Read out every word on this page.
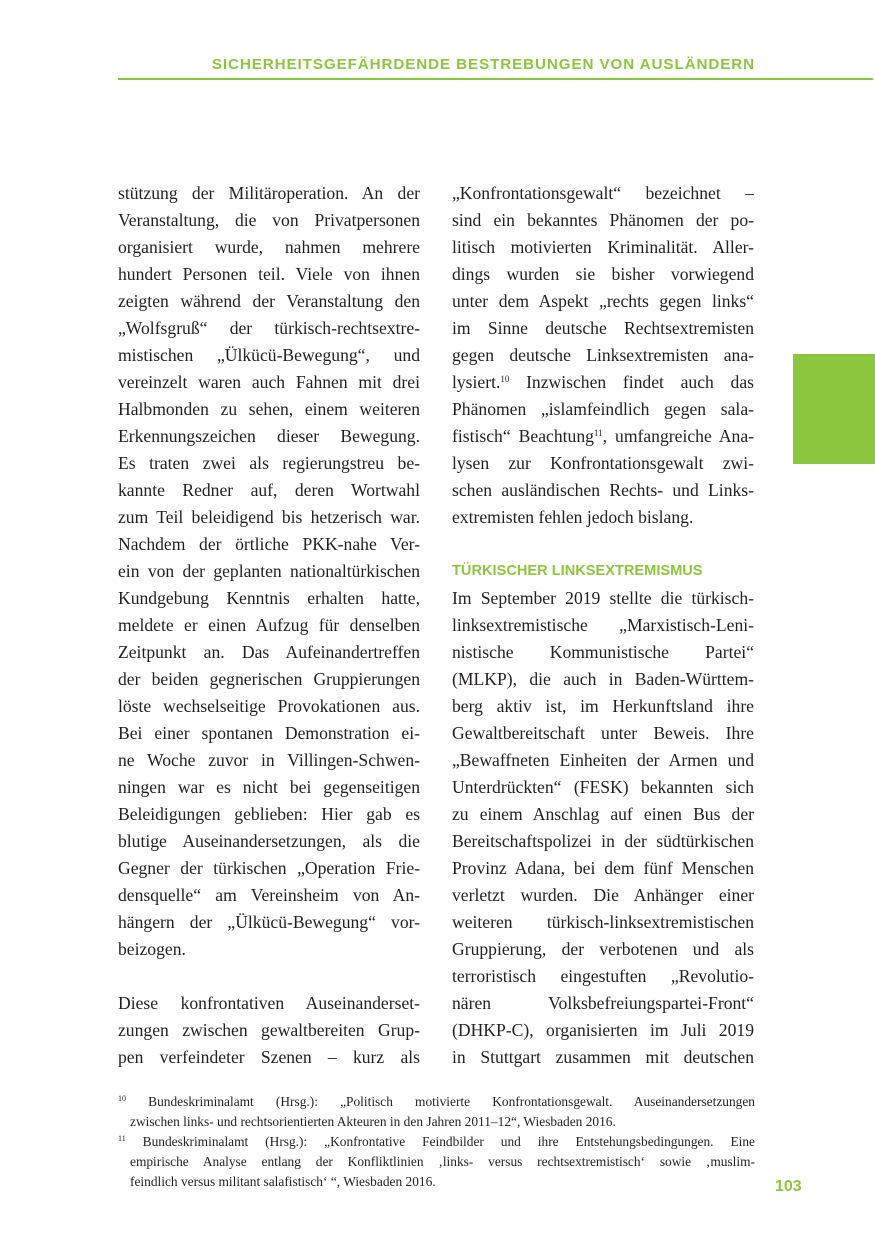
SICHERHEITSGEFÄHRDENDE BESTREBUNGEN VON AUSLÄNDERN
stützung der Militäroperation. An der
Veranstaltung, die von Privatpersonen
organisiert wurde, nahmen mehrere
hundert Personen teil. Viele von ihnen
zeigten während der Veranstaltung den
„Wolfsgruß“ der türkisch-rechtsextre-
mistischen „Ülkücü-Bewegung“, und
vereinzelt waren auch Fahnen mit drei
Halbmonden zu sehen, einem weiteren
Erkennungszeichen dieser Bewegung.
Es traten zwei als regierungstreu be-
kannte Redner auf, deren Wortwahl
zum Teil beleidigend bis hetzerisch war.
Nachdem der örtliche PKK-nahe Ver-
ein von der geplanten nationaltürkischen
Kundgebung Kenntnis erhalten hatte,
meldete er einen Aufzug für denselben
Zeitpunkt an. Das Aufeinandertreffen
der beiden gegnerischen Gruppierungen
löste wechselseitige Provokationen aus.
Bei einer spontanen Demonstration ei-
ne Woche zuvor in Villingen-Schwen-
ningen war es nicht bei gegenseitigen
Beleidigungen geblieben: Hier gab es
blutige Auseinandersetzungen, als die
Gegner der türkischen „Operation Frie-
densquelle“ am Vereinsheim von An-
hängern der „Ülkücü-Bewegung“ vor-
beizogen.
Diese konfrontativen Auseinanderset-
zungen zwischen gewaltbereiten Grup-
pen verfeindeter Szenen – kurz als
„Konfrontationsgewalt“ bezeichnet –
sind ein bekanntes Phänomen der po-
litisch motivierten Kriminalität. Aller-
dings wurden sie bisher vorwiegend
unter dem Aspekt „rechts gegen links“
im Sinne deutsche Rechtsextremisten
gegen deutsche Linksextremisten ana-
lysiert.$^{10}$ Inzwischen findet auch das
Phänomen „islamfeindlich gegen sala-
fistisch“ Beachtung$^{11}$, umfangreiche Ana-
lysen zur Konfrontationsgewalt zwi-
schen ausländischen Rechts- und Links-
extremisten fehlen jedoch bislang.
TÜRKISCHER LINKSEXTREMISMUS
Im September 2019 stellte die türkisch-
linksextremistische „Marxistisch-Leni-
nistische Kommunistische Partei“
(MLKP), die auch in Baden-Württem-
berg aktiv ist, im Herkunftsland ihre
Gewaltbereitschaft unter Beweis. Ihre
„Bewaffneten Einheiten der Armen und
Unterdrückten“ (FESK) bekannten sich
zu einem Anschlag auf einen Bus der
Bereitschaftspolizei in der südtürkischen
Provinz Adana, bei dem fünf Menschen
verletzt wurden. Die Anhänger einer
weiteren türkisch-linksextremistischen
Gruppierung, der verbotenen und als
terroristisch eingestuften „Revolutio-
nären Volksbefreiungspartei-Front“
(DHKP-C), organisierten im Juli 2019
in Stuttgart zusammen mit deutschen
$^{10}$ Bundeskriminalamt (Hrsg.): „Politisch motivierte Konfrontationsgewalt. Auseinandersetzungen
zwischen links- und rechtsorientierten Akteuren in den Jahren 2011–12“, Wiesbaden 2016.
$^{11}$ Bundeskriminalamt (Hrsg.): „Konfrontative Feindbilder und ihre Entstehungsbedingungen. Eine
empirische Analyse entlang der Konfliktlinien ‚links- versus rechtsextremistisch‘ sowie ‚muslim-
feindlich versus militant salafistisch‘ “, Wiesbaden 2016.	103
